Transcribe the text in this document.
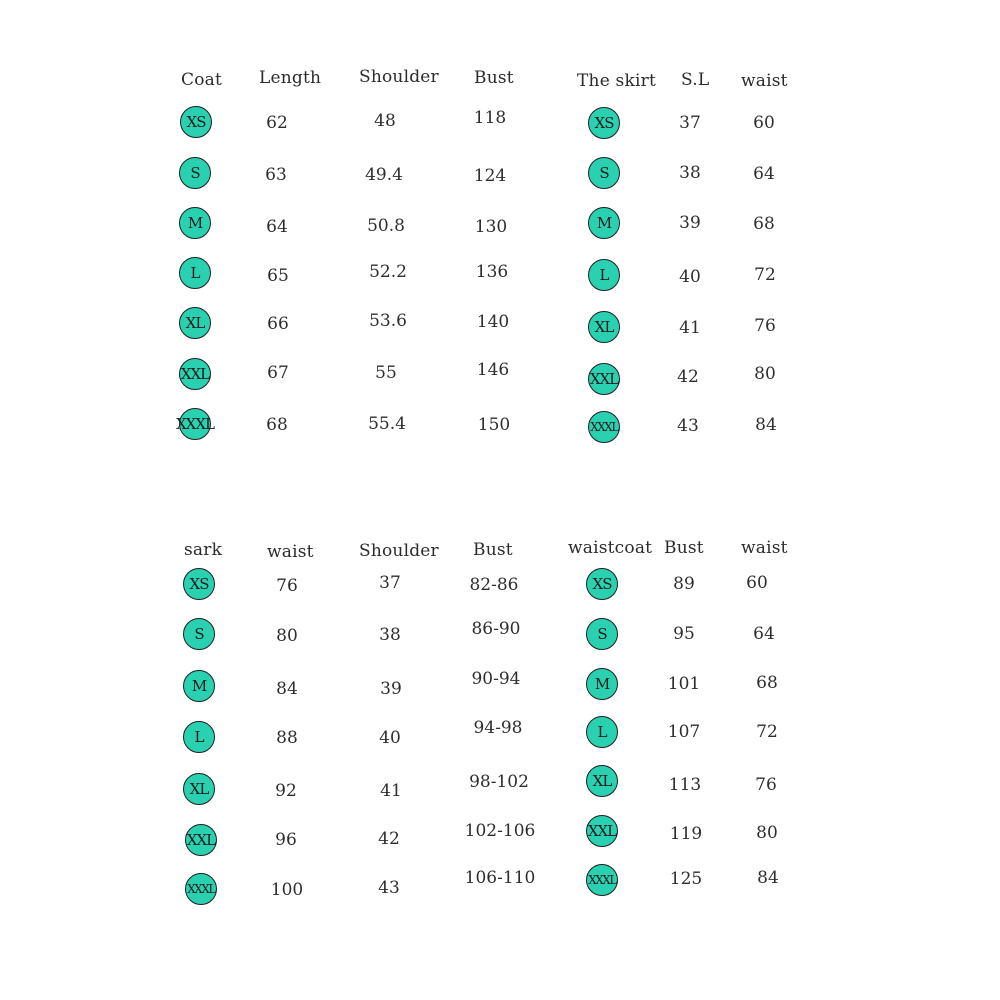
Coat Length Shoulder Bust
XS	62	48	118
S	63	49.4	124
M	64	50.8	130
L	65	52.2	136
XL	66	53.6	140
XXL	67	55	146
XXXL	68	55.4	150
The skirt S.L waist
XS	37	60
S	38	64
M	39	68
L	40	72
XL	41	76
XXL	42	80
XXXL	43	84
sark	waist	Shoulder Bust
XS	76	37	82-86
S	80	38	86-90
M	84	39	90-94
L	88	40	94-98
XL	92	41	98-102
XXL	96	42	102-106
XXXL	100	43	106-110
waistcoat Bust waist
XS	89	60
S	95	64
M	101	68
L	107	72
XL	113	76
XXL	119	80
XXXL	125	84
